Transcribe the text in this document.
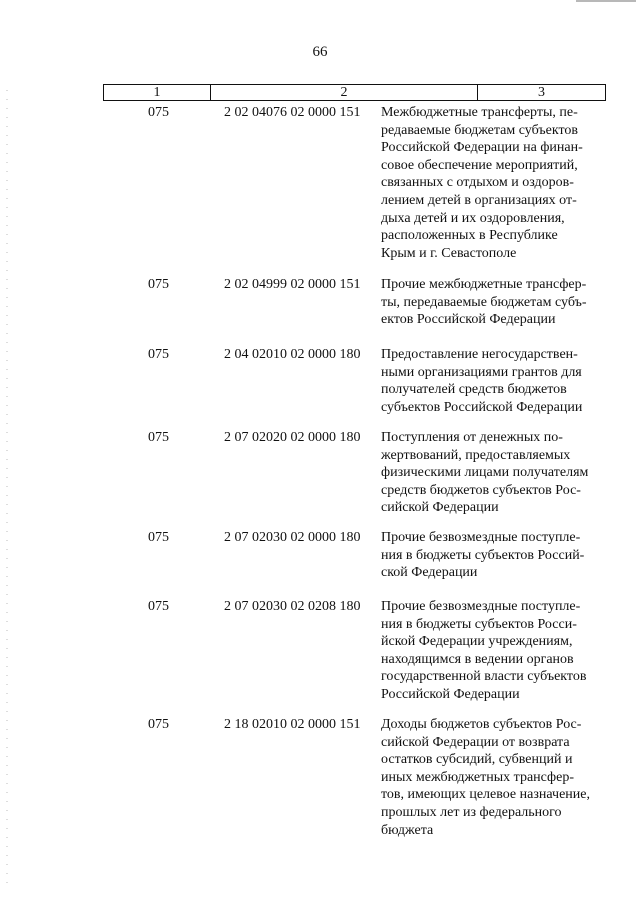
66
1	2	3
075	2 02 04076 02 0000 151 Межбюджетные трансферты, пе-
редаваемые бюджетам субъектов
Российской Федерации на финан-
совое обеспечение мероприятий,
связанных с отдыхом и оздоров-
лением детей в организациях от-
дыха детей и их оздоровления,
расположенных в Республике
Крым и г. Севастополе
075	2 02 04999 02 0000 151 Прочие межбюджетные трансфер-
ты, передаваемые бюджетам субъ-
ектов Российской Федерации
075	2 04 02010 02 0000 180 Предоставление негосударствен-
ными организациями грантов для
получателей средств бюджетов
субъектов Российской Федерации
075	2 07 02020 02 0000 180 Поступления от денежных по-
жертвований, предоставляемых
физическими лицами получателям
средств бюджетов субъектов Рос-
сийской Федерации
075	2 07 02030 02 0000 180 Прочие безвозмездные поступле-
ния в бюджеты субъектов Россий-
ской Федерации
075	2 07 02030 02 0208 180 Прочие безвозмездные поступле-
ния в бюджеты субъектов Росси-
йской Федерации учреждениям,
находящимся в ведении органов
государственной власти субъектов
Российской Федерации
075	2 18 02010 02 0000 151 Доходы бюджетов субъектов Рос-
сийской Федерации от возврата
остатков субсидий, субвенций и
иных межбюджетных трансфер-
тов, имеющих целевое назначение,
прошлых лет из федерального
бюджета
